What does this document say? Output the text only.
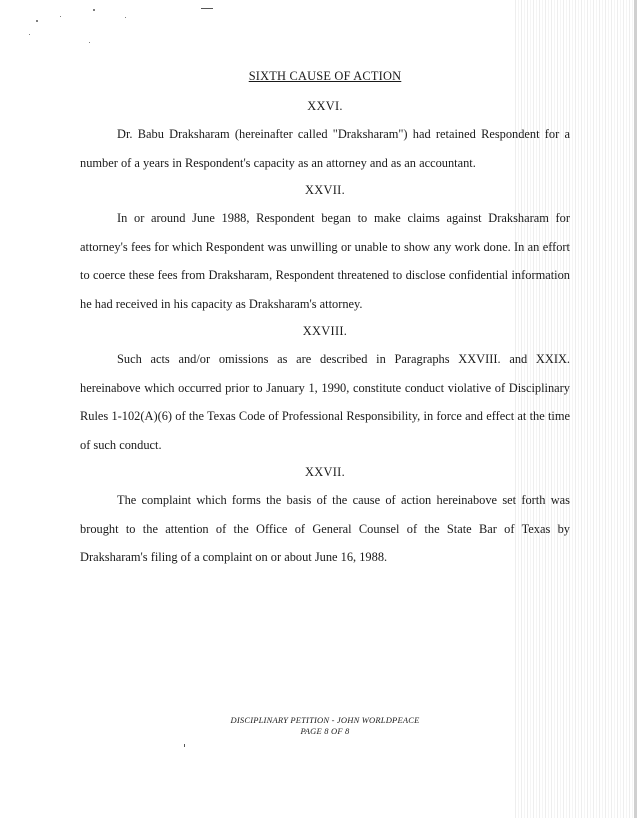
SIXTH CAUSE OF ACTION

XXVI.

Dr. Babu Draksharam (hereinafter called "Draksharam") had retained Respondent for a number of a years in Respondent's capacity as an attorney and as an accountant.

XXVII.

In or around June 1988, Respondent began to make claims against Draksharam for attorney's fees for which Respondent was unwilling or unable to show any work done. In an effort to coerce these fees from Draksharam, Respondent threatened to disclose confidential information he had received in his capacity as Draksharam's attorney.

XXVIII.

Such acts and/or omissions as are described in Paragraphs XXVIII. and XXIX. hereinabove which occurred prior to January 1, 1990, constitute conduct violative of Disciplinary Rules 1-102(A)(6) of the Texas Code of Professional Responsibility, in force and effect at the time of such conduct.

XXVII.

The complaint which forms the basis of the cause of action hereinabove set forth was brought to the attention of the Office of General Counsel of the State Bar of Texas by Draksharam's filing of a complaint on or about June 16, 1988.

DISCIPLINARY PETITION - JOHN WORLDPEACE
PAGE 8 OF 8
